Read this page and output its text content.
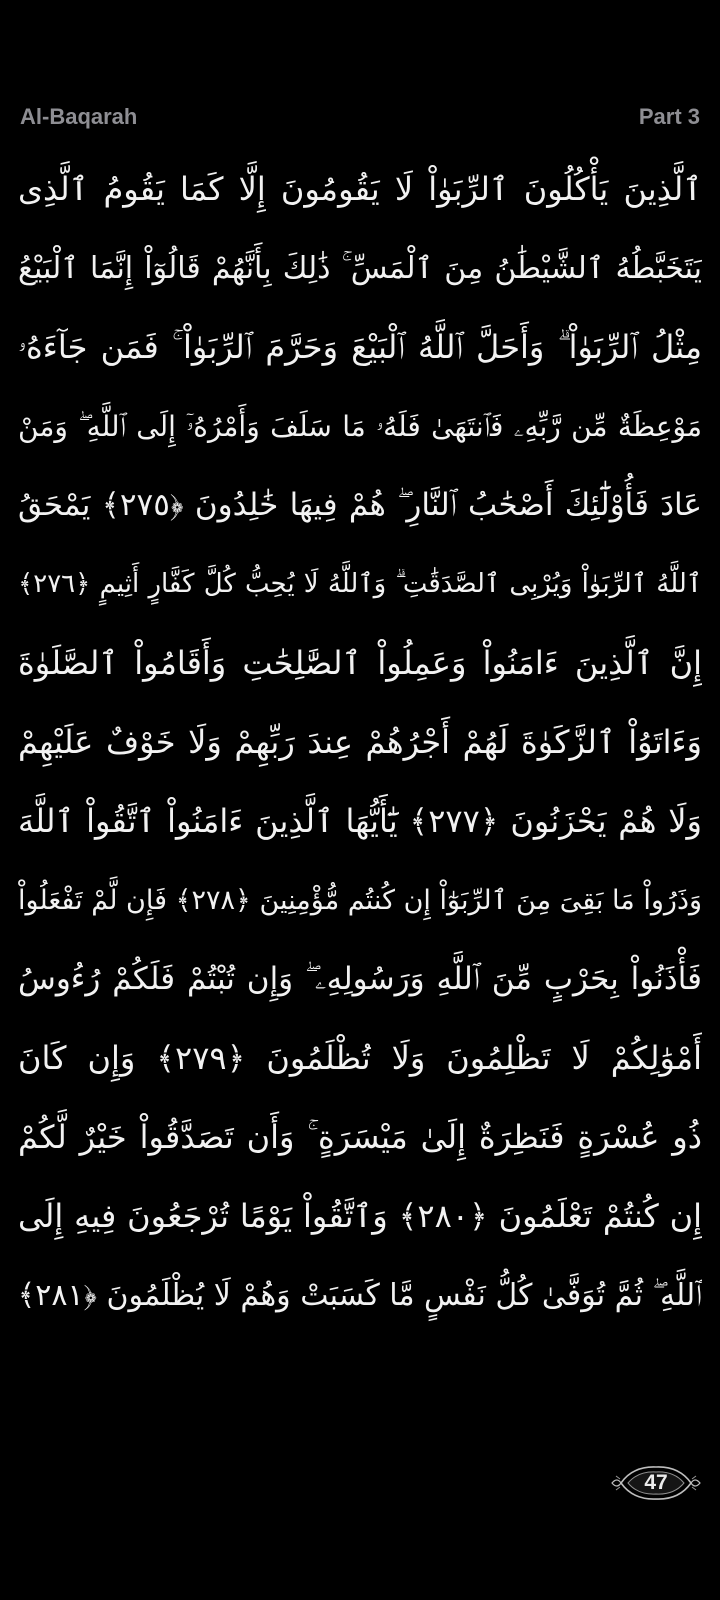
Al-Baqarah	Part 3
ٱلَّذِينَ يَأْكُلُونَ ٱلرِّبَوٰاْ لَا يَقُومُونَ إِلَّا كَمَا يَقُومُ ٱلَّذِى
يَتَخَبَّطُهُ ٱلشَّيْطَٰنُ مِنَ ٱلْمَسِّ ۚ ذَٰلِكَ بِأَنَّهُمْ قَالُوٓاْ إِنَّمَا ٱلْبَيْعُ
مِثْلُ ٱلرِّبَوٰاْ ۗ وَأَحَلَّ ٱللَّهُ ٱلْبَيْعَ وَحَرَّمَ ٱلرِّبَوٰاْ ۚ فَمَن جَآءَهُۥ
مَوْعِظَةٌ مِّن رَّبِّهِۦ فَٱنتَهَىٰ فَلَهُۥ مَا سَلَفَ وَأَمْرُهُۥٓ إِلَى ٱللَّهِ ۖ وَمَنْ
عَادَ فَأُوْلَٰٓئِكَ أَصْحَٰبُ ٱلنَّارِ ۖ هُمْ فِيهَا خَٰلِدُونَ ﴿٢٧٥﴾ يَمْحَقُ
ٱللَّهُ ٱلرِّبَوٰاْ وَيُرْبِى ٱلصَّدَقَٰتِ ۗ وَٱللَّهُ لَا يُحِبُّ كُلَّ كَفَّارٍ أَثِيمٍ ﴿٢٧٦﴾
إِنَّ ٱلَّذِينَ ءَامَنُواْ وَعَمِلُواْ ٱلصَّٰلِحَٰتِ وَأَقَامُواْ ٱلصَّلَوٰةَ
وَءَاتَوُاْ ٱلزَّكَوٰةَ لَهُمْ أَجْرُهُمْ عِندَ رَبِّهِمْ وَلَا خَوْفٌ عَلَيْهِمْ
وَلَا هُمْ يَحْزَنُونَ ﴿٢٧٧﴾ يَٰٓأَيُّهَا ٱلَّذِينَ ءَامَنُواْ ٱتَّقُواْ ٱللَّهَ
وَذَرُواْ مَا بَقِىَ مِنَ ٱلرِّبَوٰٓاْ إِن كُنتُم مُّؤْمِنِينَ ﴿٢٧٨﴾ فَإِن لَّمْ تَفْعَلُواْ
فَأْذَنُواْ بِحَرْبٍ مِّنَ ٱللَّهِ وَرَسُولِهِۦ ۖ وَإِن تُبْتُمْ فَلَكُمْ رُءُوسُ
أَمْوَٰلِكُمْ لَا تَظْلِمُونَ وَلَا تُظْلَمُونَ ﴿٢٧٩﴾ وَإِن كَانَ
ذُو عُسْرَةٍ فَنَظِرَةٌ إِلَىٰ مَيْسَرَةٍ ۚ وَأَن تَصَدَّقُواْ خَيْرٌ لَّكُمْ
إِن كُنتُمْ تَعْلَمُونَ ﴿٢٨٠﴾ وَٱتَّقُواْ يَوْمًا تُرْجَعُونَ فِيهِ إِلَى
ٱللَّهِ ۖ ثُمَّ تُوَفَّىٰ كُلُّ نَفْسٍ مَّا كَسَبَتْ وَهُمْ لَا يُظْلَمُونَ ﴿٢٨١﴾
47
